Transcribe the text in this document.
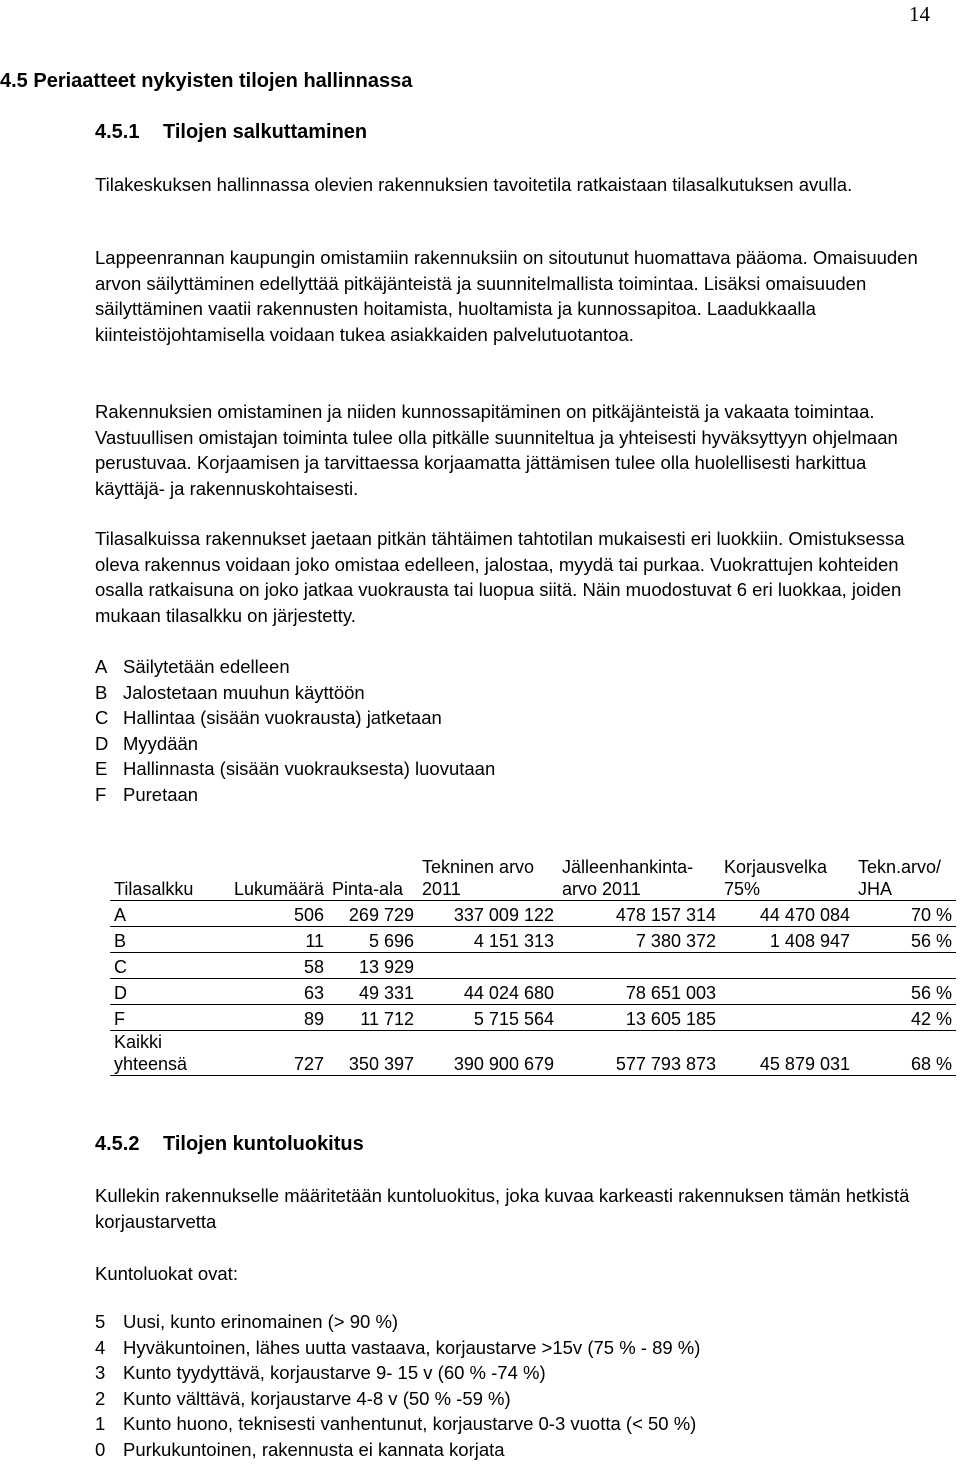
14
4.5 Periaatteet nykyisten tilojen hallinnassa
4.5.1 Tilojen salkuttaminen

Tilakeskuksen hallinnassa olevien rakennuksien tavoitetila ratkaistaan tilasalkutuksen avulla.

Lappeenrannan kaupungin omistamiin rakennuksiin on sitoutunut huomattava pääoma. Omaisuuden arvon säilyttäminen edellyttää pitkäjänteistä ja suunnitelmallista toimintaa. Lisäksi omaisuuden säilyttäminen vaatii rakennusten hoitamista, huoltamista ja kunnossapitoa. Laadukkaalla kiinteistöjohtamisella voidaan tukea asiakkaiden palvelutuotantoa.

Rakennuksien omistaminen ja niiden kunnossapitäminen on pitkäjänteistä ja vakaata toimintaa. Vastuullisen omistajan toiminta tulee olla pitkälle suunniteltua ja yhteisesti hyväksyttyyn ohjelmaan perustuvaa. Korjaamisen ja tarvittaessa korjaamatta jättämisen tulee olla huolellisesti harkittua käyttäjä- ja rakennuskohtaisesti.

Tilasalkuissa rakennukset jaetaan pitkän tähtäimen tahtotilan mukaisesti eri luokkiin. Omistuksessa oleva rakennus voidaan joko omistaa edelleen, jalostaa, myydä tai purkaa. Vuokrattujen kohteiden osalla ratkaisuna on joko jatkaa vuokrausta tai luopua siitä. Näin muodostuvat 6 eri luokkaa, joiden mukaan tilasalkku on järjestetty.

A Säilytetään edelleen
B Jalostetaan muuhun käyttöön
C Hallintaa (sisään vuokrausta) jatketaan
D Myydään
E Hallinnasta (sisään vuokrauksesta) luovutaan
F Puretaan
Tilasalkku	Lukumäärä	Pinta-ala	Tekninen arvo 2011	Jälleenhankinta-arvo 2011	Korjausvelka 75%	Tekn.arvo/ JHA
A	506	269 729	337 009 122	478 157 314	44 470 084	70 %
B	11	5 696	4 151 313	7 380 372	1 408 947	56 %
C	58	13 929				
D	63	49 331	44 024 680	78 651 003		56 %
F	89	11 712	5 715 564	13 605 185		42 %
Kaikki yhteensä	727	350 397	390 900 679	577 793 873	45 879 031	68 %
4.5.2 Tilojen kuntoluokitus

Kullekin rakennukselle määritetään kuntoluokitus, joka kuvaa karkeasti rakennuksen tämän hetkistä korjaustarvetta

Kuntoluokat ovat:

5 Uusi, kunto erinomainen (> 90 %)
4 Hyväkuntoinen, lähes uutta vastaava, korjaustarve >15v (75 % - 89 %)
3 Kunto tyydyttävä, korjaustarve 9- 15 v (60 % -74 %)
2 Kunto välttävä, korjaustarve 4-8 v (50 % -59 %)
1 Kunto huono, teknisesti vanhentunut, korjaustarve 0-3 vuotta (< 50 %)
0 Purkukuntoinen, rakennusta ei kannata korjata
